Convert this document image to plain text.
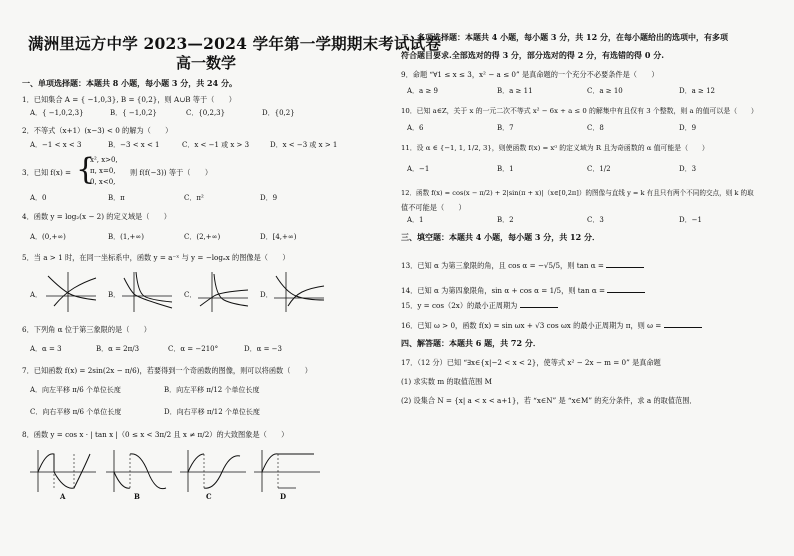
满洲里远方中学 2023—2024 学年第一学期期末考试试卷
高一数学
一、单项选择题：本题共 8 小题，每小题 3 分，共 24 分。
1．已知集合 A = { −1,0,3}, B = {0,2}，则 A∪B 等于（　　）
A．{ −1,0,2,3}	B．{ −1,0,2}	C．{0,2,3}	D．{0,2}
2．不等式（x+1）(x−3) < 0 的解为（　　）
A．−1 < x < 3	B．−3 < x < 1	C．x < −1 或 x > 3	D．x < −3 或 x > 1
3．已知 f(x) = {
x², x>0,
π, x=0,
0, x<0,
则 f(f(−3)) 等于（　　）
A．0	B．π	C．π²	D．9
4．函数 y = log₂(x − 2) 的定义域是（　　）
A．(0,+∞)	B．(1,+∞)	C．(2,+∞)	D．[4,+∞)
5．当 a > 1 时，在同一坐标系中，函数 y = a⁻ˣ 与 y = −logₐx 的图像是（　　）
A．	B．	C．	D．
6．下列角 α 位于第三象限的是（　　）
A．α = 3	B．α = 2π/3	C．α = −210°	D．α = −3
7．已知函数 f(x) = 2sin(2x − π/6)，若要得到一个奇函数的图像，则可以将函数（　　）
A．向左平移 π/6 个单位长度	B．向左平移 π/12 个单位长度
C．向右平移 π/6 个单位长度	D．向右平移 π/12 个单位长度
8．函数 y = cos x · | tan x |（0 ≤ x < 3π/2 且 x ≠ π/2）的大致图象是（　　）
A	B	C	D
二、多项选择题：本题共 4 小题，每小题 3 分，共 12 分，在每小题给出的选项中，有多项
符合题目要求.全部选对的得 3 分，部分选对的得 2 分，有选错的得 0 分.
9．命题 “∀1 ≤ x ≤ 3，x² − a ≤ 0” 是真命题的一个充分不必要条件是（　　）
A．a ≥ 9	B．a ≥ 11	C．a ≥ 10	D．a ≥ 12
10．已知 a∈Z，关于 x 的一元二次不等式 x² − 6x + a ≤ 0 的解集中有且仅有 3 个整数，则 a 的值可以是（　　）
A．6	B．7	C．8	D．9
11．设 α ∈ {−1, 1, 1/2, 3}，则使函数 f(x) = xᵅ 的定义域为 R 且为奇函数的 α 值可能是（　　）
A．−1	B．1	C．1/2	D．3
12．函数 f(x) = cos(x − π/2) + 2|sin(π + x)|（x∈[0,2π]）的图像与直线 y = k 有且只有两个不同的交点，则 k 的取
值不可能是（　　）
A．1	B．2	C．3	D．−1
三、填空题：本题共 4 小题，每小题 3 分，共 12 分．
13．已知 α 为第三象限的角，且 cos α = −√5/5，则 tan α =
14．已知 α 为第四象限角，sin α + cos α = 1/5，则 tan α =
15．y = cos（2x）的最小正周期为
16．已知 ω > 0，函数 f(x) = sin ωx + √3 cos ωx 的最小正周期为 π，则 ω =
四、解答题：本题共 6 题，共 72 分．
17．（12 分）已知 “∃x∈{x|−2 < x < 2}，使等式 x² − 2x − m = 0” 是真命题
(1) 求实数 m 的取值范围 M
(2) 设集合 N = {x| a < x < a+1}，若 “x∈N” 是 “x∈M” 的充分条件，求 a 的取值范围．
